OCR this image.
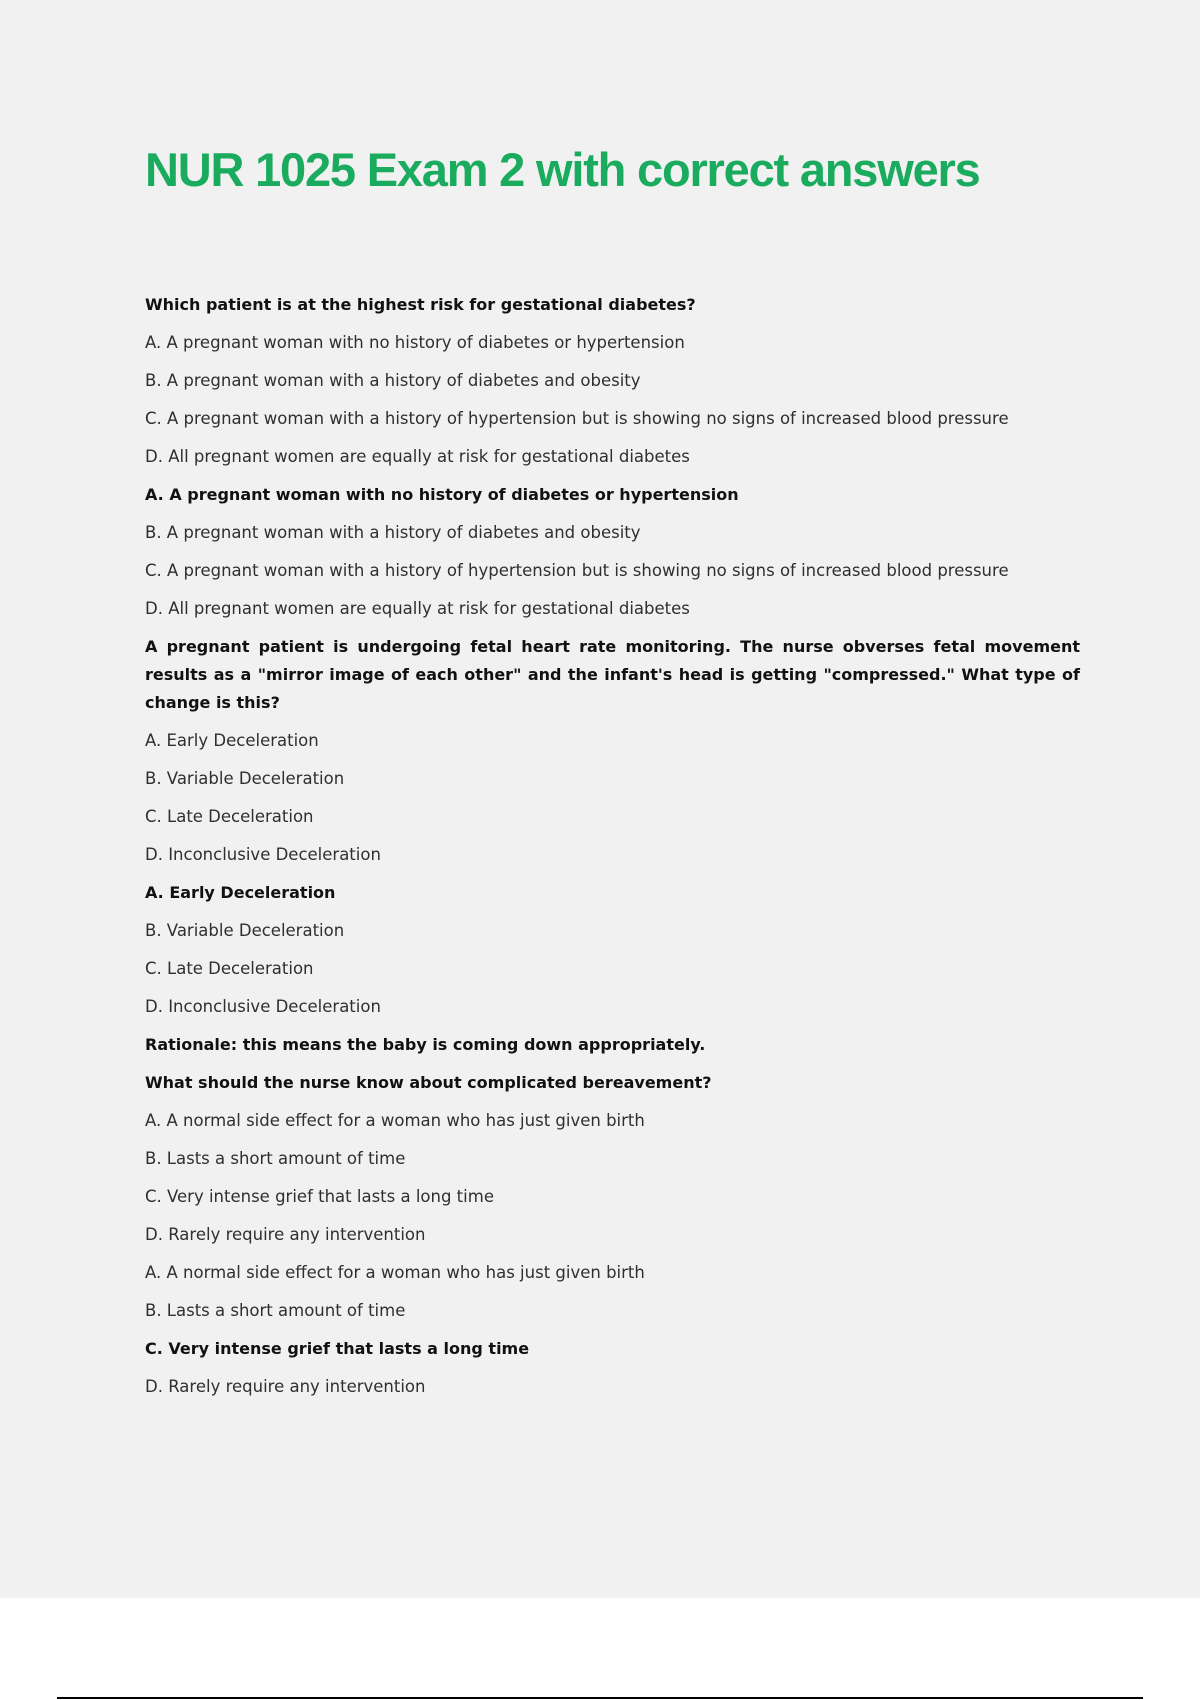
NUR 1025 Exam 2 with correct answers

Which patient is at the highest risk for gestational diabetes?

A. A pregnant woman with no history of diabetes or hypertension

B. A pregnant woman with a history of diabetes and obesity

C. A pregnant woman with a history of hypertension but is showing no signs of increased blood pressure

D. All pregnant women are equally at risk for gestational diabetes

A. A pregnant woman with no history of diabetes or hypertension

B. A pregnant woman with a history of diabetes and obesity

C. A pregnant woman with a history of hypertension but is showing no signs of increased blood pressure

D. All pregnant women are equally at risk for gestational diabetes

A pregnant patient is undergoing fetal heart rate monitoring. The nurse obverses fetal movement results as a "mirror image of each other" and the infant's head is getting "compressed." What type of change is this?

A. Early Deceleration

B. Variable Deceleration

C. Late Deceleration

D. Inconclusive Deceleration

A. Early Deceleration

B. Variable Deceleration

C. Late Deceleration

D. Inconclusive Deceleration

Rationale: this means the baby is coming down appropriately.

What should the nurse know about complicated bereavement?

A. A normal side effect for a woman who has just given birth

B. Lasts a short amount of time

C. Very intense grief that lasts a long time

D. Rarely require any intervention

A. A normal side effect for a woman who has just given birth

B. Lasts a short amount of time

C. Very intense grief that lasts a long time

D. Rarely require any intervention
